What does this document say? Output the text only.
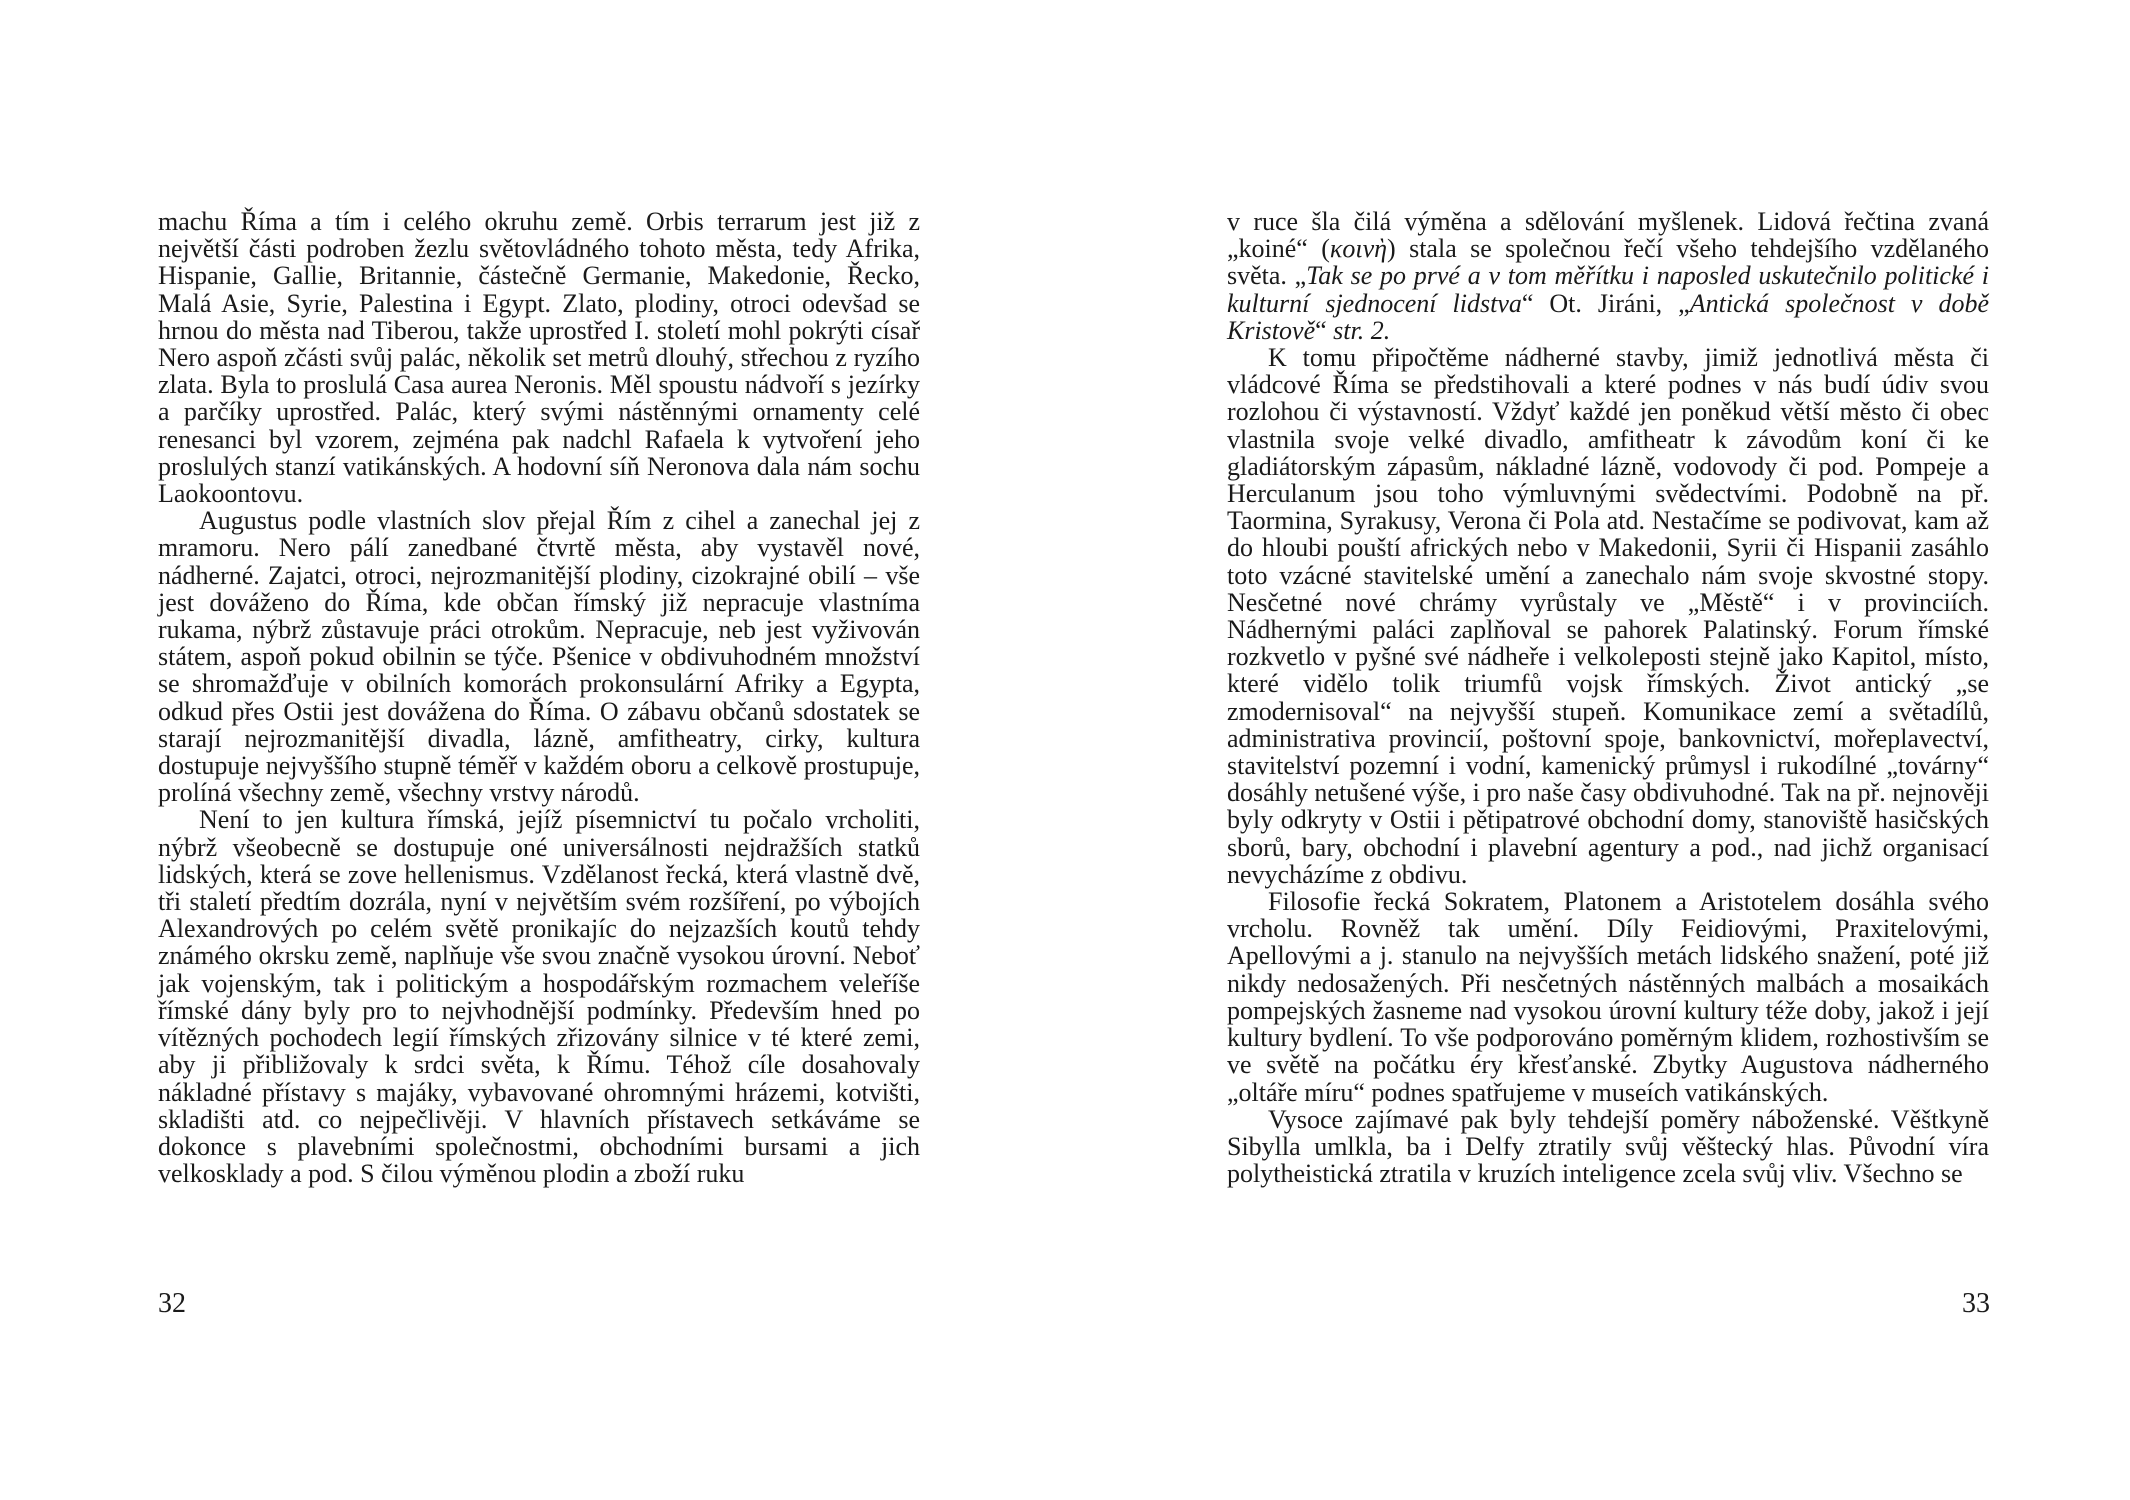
machu Říma a tím i celého okruhu země. Orbis terrarum jest již z největší části podroben žezlu světovládného tohoto města, tedy Afrika, Hispanie, Gallie, Britannie, částečně Germanie, Makedonie, Řecko, Malá Asie, Syrie, Palestina i Egypt. Zlato, plodiny, otroci odevšad se hrnou do města nad Tiberou, takže uprostřed I. století mohl pokrýti císař Nero aspoň zčásti svůj palác, několik set metrů dlouhý, střechou z ryzího zlata. Byla to proslulá Casa aurea Neronis. Měl spoustu nádvoří s jezírky a parčíky uprostřed. Palác, který svými nástěnnými ornamenty celé renesanci byl vzorem, zejména pak nadchl Rafaela k vytvoření jeho proslulých stanzí vatikánských. A hodovní síň Neronova dala nám sochu Laokoontovu.

Augustus podle vlastních slov přejal Řím z cihel a zanechal jej z mramoru. Nero pálí zanedbané čtvrtě města, aby vystavěl nové, nádherné. Zajatci, otroci, nejrozmanitější plodiny, cizokrajné obilí – vše jest dováženo do Říma, kde občan římský již nepracuje vlastníma rukama, nýbrž zůstavuje práci otrokům. Nepracuje, neb jest vyživován státem, aspoň pokud obilnin se týče. Pšenice v obdivuhodném množství se shromažďuje v obilních komorách prokonsulární Afriky a Egypta, odkud přes Ostii jest dovážena do Říma. O zábavu občanů sdostatek se starají nejrozmanitější divadla, lázně, amfitheatry, cirky, kultura dostupuje nejvyššího stupně téměř v každém oboru a celkově prostupuje, prolíná všechny země, všechny vrstvy národů.

Není to jen kultura římská, jejíž písemnictví tu počalo vrcholiti, nýbrž všeobecně se dostupuje oné universálnosti nejdražších statků lidských, která se zove hellenismus. Vzdělanost řecká, která vlastně dvě, tři staletí předtím dozrála, nyní v největším svém rozšíření, po výbojích Alexandrových po celém světě pronikajíc do nejzazších koutů tehdy známého okrsku země, naplňuje vše svou značně vysokou úrovní. Neboť jak vojenským, tak i politickým a hospodářským rozmachem veleříše římské dány byly pro to nejvhodnější podmínky. Především hned po vítězných pochodech legií římských zřizovány silnice v té které zemi, aby ji přibližovaly k srdci světa, k Římu. Téhož cíle dosahovaly nákladné přístavy s majáky, vybavované ohromnými hrázemi, kotvišti, skladišti atd. co nejpečlivěji. V hlavních přístavech setkáváme se dokonce s plavebními společnostmi, obchodními bursami a jich velkosklady a pod. S čilou výměnou plodin a zboží ruku

v ruce šla čilá výměna a sdělování myšlenek. Lidová řečtina zvaná „koiné“ (κοινὴ) stala se společnou řečí všeho tehdejšího vzdělaného světa. „Tak se po prvé a v tom měřítku i naposled uskutečnilo politické i kulturní sjednocení lidstva“ Ot. Jiráni, „Antická společnost v době Kristově“ str. 2.

K tomu připočtěme nádherné stavby, jimiž jednotlivá města či vládcové Říma se předstihovali a které podnes v nás budí údiv svou rozlohou či výstavností. Vždyť každé jen poněkud větší město či obec vlastnila svoje velké divadlo, amfitheatr k závodům koní či ke gladiátorským zápasům, nákladné lázně, vodovody či pod. Pompeje a Herculanum jsou toho výmluvnými svědectvími. Podobně na př. Taormina, Syrakusy, Verona či Pola atd. Nestačíme se podivovat, kam až do hloubi pouští afrických nebo v Makedonii, Syrii či Hispanii zasáhlo toto vzácné stavitelské umění a zanechalo nám svoje skvostné stopy. Nesčetné nové chrámy vyrůstaly ve „Městě“ i v provinciích. Nádhernými paláci zaplňoval se pahorek Palatinský. Forum římské rozkvetlo v pyšné své nádheře i velkoleposti stejně jako Kapitol, místo, které vidělo tolik triumfů vojsk římských. Život antický „se zmodernisoval“ na nejvyšší stupeň. Komunikace zemí a světadílů, administrativa provincií, poštovní spoje, bankovnictví, mořeplavectví, stavitelství pozemní i vodní, kamenický průmysl i rukodílné „továrny“ dosáhly netušené výše, i pro naše časy obdivuhodné. Tak na př. nejnověji byly odkryty v Ostii i pětipatrové obchodní domy, stanoviště hasičských sborů, bary, obchodní i plavební agentury a pod., nad jichž organisací nevycházíme z obdivu.

Filosofie řecká Sokratem, Platonem a Aristotelem dosáhla svého vrcholu. Rovněž tak umění. Díly Feidiovými, Praxitelovými, Apellovými a j. stanulo na nejvyšších metách lidského snažení, poté již nikdy nedosažených. Při nesčetných nástěnných malbách a mosaikách pompejských žasneme nad vysokou úrovní kultury téže doby, jakož i její kultury bydlení. To vše podporováno poměrným klidem, rozhostivším se ve světě na počátku éry křesťanské. Zbytky Augustova nádherného „oltáře míru“ podnes spatřujeme v museích vatikánských.

Vysoce zajímavé pak byly tehdejší poměry náboženské. Věštkyně Sibylla umlkla, ba i Delfy ztratily svůj věštecký hlas. Původní víra polytheistická ztratila v kruzích inteligence zcela svůj vliv. Všechno se

32	33
